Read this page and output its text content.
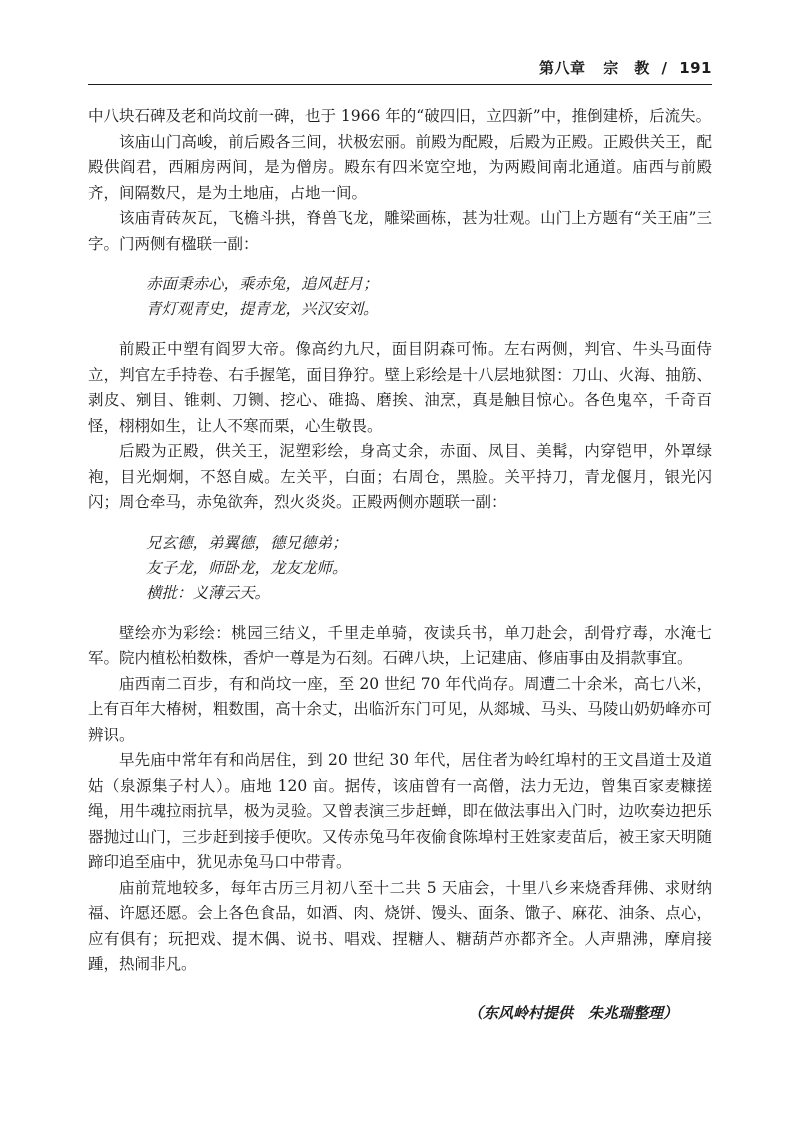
第八章 宗　教 / 191

中八块石碑及老和尚坟前一碑，也于 1966 年的“破四旧，立四新”中，推倒建桥，后流失。

该庙山门高峻，前后殿各三间，状极宏丽。前殿为配殿，后殿为正殿。正殿供关王，配殿供阎君，西厢房两间，是为僧房。殿东有四米宽空地，为两殿间南北通道。庙西与前殿齐，间隔数尺，是为土地庙，占地一间。

该庙青砖灰瓦，飞檐斗拱，脊兽飞龙，雕梁画栋，甚为壮观。山门上方题有“关王庙”三字。门两侧有楹联一副：

赤面秉赤心，乘赤兔，追风赶月；
青灯观青史，提青龙，兴汉安刘。

前殿正中塑有阎罗大帝。像高约九尺，面目阴森可怖。左右两侧，判官、牛头马面侍立，判官左手持卷、右手握笔，面目狰狞。壁上彩绘是十八层地狱图：刀山、火海、抽筋、剥皮、剜目、锥刺、刀铡、挖心、碓捣、磨挨、油烹，真是触目惊心。各色鬼卒，千奇百怪，栩栩如生，让人不寒而栗，心生敬畏。

后殿为正殿，供关王，泥塑彩绘，身高丈余，赤面、凤目、美髯，内穿铠甲，外罩绿袍，目光炯炯，不怒自威。左关平，白面；右周仓，黑脸。关平持刀，青龙偃月，银光闪闪；周仓牵马，赤兔欲奔，烈火炎炎。正殿两侧亦题联一副：

兄玄德，弟翼德，德兄德弟；
友子龙，师卧龙，龙友龙师。
横批：义薄云天。

壁绘亦为彩绘：桃园三结义，千里走单骑，夜读兵书，单刀赴会，刮骨疗毒，水淹七军。院内植松柏数株，香炉一尊是为石刻。石碑八块，上记建庙、修庙事由及捐款事宜。

庙西南二百步，有和尚坟一座，至 20 世纪 70 年代尚存。周遭二十余米，高七八米，上有百年大椿树，粗数围，高十余丈，出临沂东门可见，从郯城、马头、马陵山奶奶峰亦可辨识。

早先庙中常年有和尚居住，到 20 世纪 30 年代，居住者为岭红埠村的王文昌道士及道姑（泉源集子村人）。庙地 120 亩。据传，该庙曾有一高僧，法力无边，曾集百家麦糠搓绳，用牛魂拉雨抗旱，极为灵验。又曾表演三步赶蝉，即在做法事出入门时，边吹奏边把乐器抛过山门，三步赶到接手便吹。又传赤兔马年夜偷食陈埠村王姓家麦苗后，被王家天明随蹄印追至庙中，犹见赤兔马口中带青。

庙前荒地较多，每年古历三月初八至十二共 5 天庙会，十里八乡来烧香拜佛、求财纳福、许愿还愿。会上各色食品，如酒、肉、烧饼、馒头、面条、馓子、麻花、油条、点心，应有俱有；玩把戏、提木偶、说书、唱戏、捏糖人、糖葫芦亦都齐全。人声鼎沸，摩肩接踵，热闹非凡。

（东风岭村提供　朱兆瑞整理）
